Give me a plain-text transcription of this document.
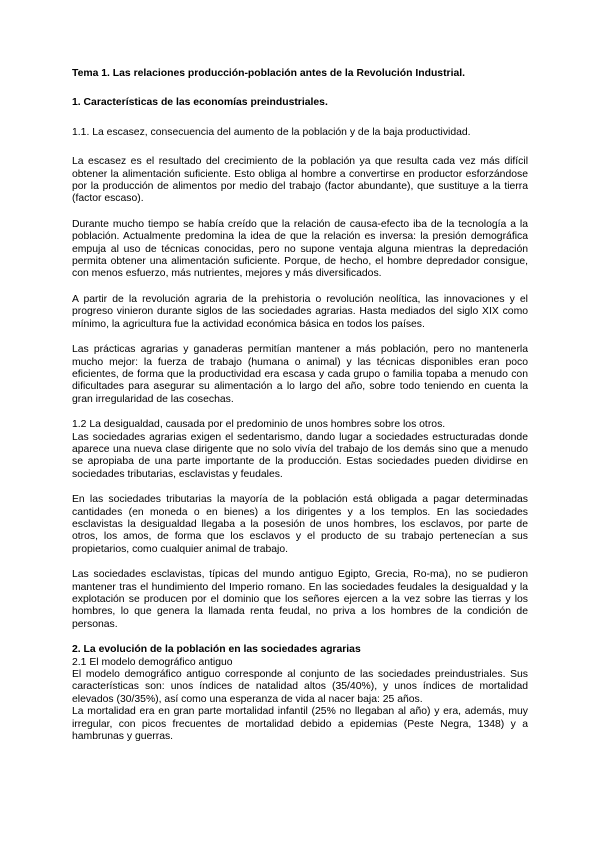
Tema 1. Las relaciones producción-población antes de la Revolución Industrial.

1. Características de las economías preindustriales.

1.1. La escasez, consecuencia del aumento de la población y de la baja productividad.

La escasez es el resultado del crecimiento de la población ya que resulta cada vez más difícil obtener la alimentación suficiente. Esto obliga al hombre a convertirse en productor esforzándose por la producción de alimentos por medio del trabajo (factor abundante), que sustituye a la tierra (factor escaso).

Durante mucho tiempo se había creído que la relación de causa-efecto iba de la tecnología a la población. Actualmente predomina la idea de que la relación es inversa: la presión demográfica empuja al uso de técnicas conocidas, pero no supone ventaja alguna mientras la depredación permita obtener una alimentación suficiente. Porque, de hecho, el hombre depredador consigue, con menos esfuerzo, más nutrientes, mejores y más diversificados.

A partir de la revolución agraria de la prehistoria o revolución neolítica, las innovaciones y el progreso vinieron durante siglos de las sociedades agrarias. Hasta mediados del siglo XIX como mínimo, la agricultura fue la actividad económica básica en todos los países.

Las prácticas agrarias y ganaderas permitían mantener a más población, pero no mantenerla mucho mejor: la fuerza de trabajo (humana o animal) y las técnicas disponibles eran poco eficientes, de forma que la productividad era escasa y cada grupo o familia topaba a menudo con dificultades para asegurar su alimentación a lo largo del año, sobre todo teniendo en cuenta la gran irregularidad de las cosechas.

1.2 La desigualdad, causada por el predominio de unos hombres sobre los otros.

Las sociedades agrarias exigen el sedentarismo, dando lugar a sociedades estructuradas donde aparece una nueva clase dirigente que no solo vivía del trabajo de los demás sino que a menudo se apropiaba de una parte importante de la producción. Estas sociedades pueden dividirse en sociedades tributarias, esclavistas y feudales.

En las sociedades tributarias la mayoría de la población está obligada a pagar determinadas cantidades (en moneda o en bienes) a los dirigentes y a los templos. En las sociedades esclavistas la desigualdad llegaba a la posesión de unos hombres, los esclavos, por parte de otros, los amos, de forma que los esclavos y el producto de su trabajo pertenecían a sus propietarios, como cualquier animal de trabajo.

Las sociedades esclavistas, típicas del mundo antiguo Egipto, Grecia, Ro-ma), no se pudieron mantener tras el hundimiento del Imperio romano. En las sociedades feudales la desigualdad y la explotación se producen por el dominio que los señores ejercen a la vez sobre las tierras y los hombres, lo que genera la llamada renta feudal, no priva a los hombres de la condición de personas.

2. La evolución de la población en las sociedades agrarias

2.1 El modelo demográfico antiguo

El modelo demográfico antiguo corresponde al conjunto de las sociedades preindustriales. Sus características son: unos índices de natalidad altos (35/40%), y unos índices de mortalidad elevados (30/35%), así como una esperanza de vida al nacer baja: 25 años.

La mortalidad era en gran parte mortalidad infantil (25% no llegaban al año) y era, además, muy irregular, con picos frecuentes de mortalidad debido a epidemias (Peste Negra, 1348) y a hambrunas y guerras.
